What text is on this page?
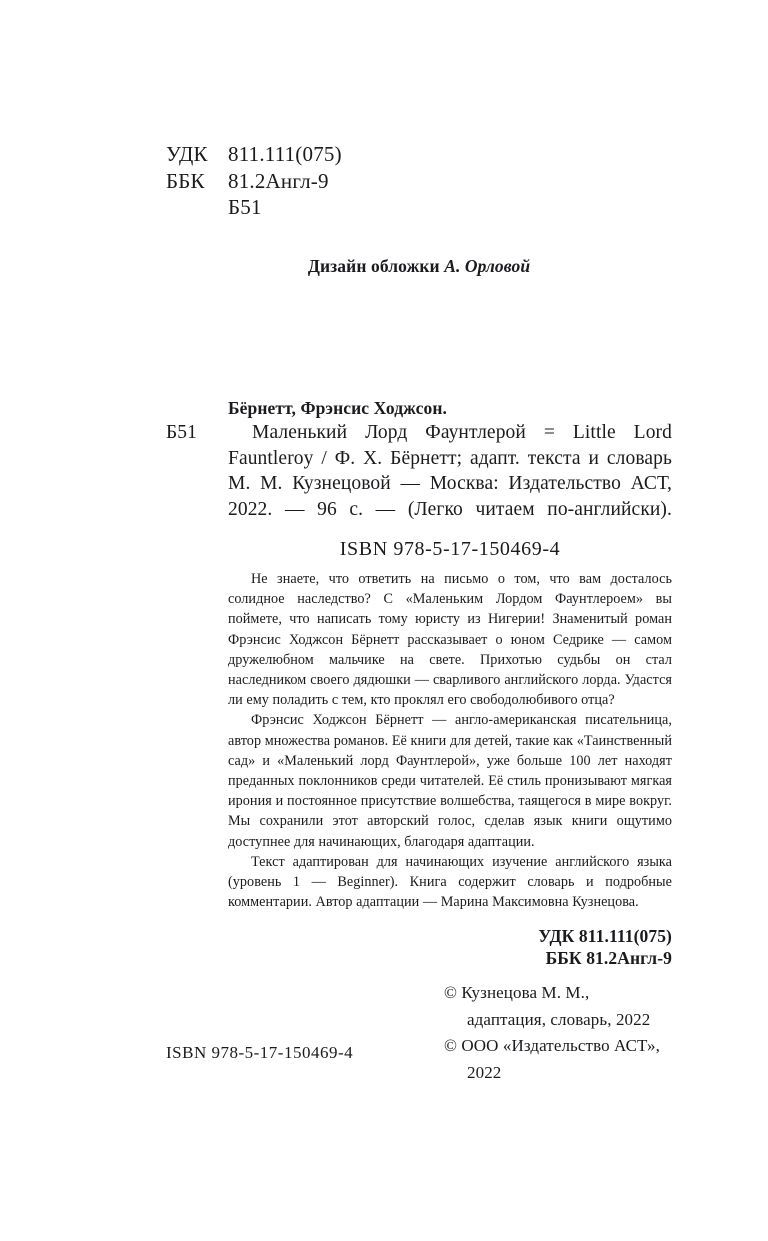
УДК 811.111(075)
ББК 81.2Англ-9
Б51
Дизайн обложки А. Орловой
Бёрнетт, Фрэнсис Ходжсон.
Б51	Маленький Лорд Фаунтлерой = Little Lord Fauntleroy / Ф. Х. Бёрнетт; адапт. текста и словарь М. М. Кузнецовой — Москва: Издательство АСТ, 2022. — 96 с. — (Легко читаем по-английски).
ISBN 978-5-17-150469-4

Не знаете, что ответить на письмо о том, что вам досталось солидное наследство? С «Маленьким Лордом Фаунтлероем» вы поймете, что написать тому юристу из Нигерии! Знаменитый роман Фрэнсис Ходжсон Бёрнетт рассказывает о юном Седрике — самом дружелюбном мальчике на свете. Прихотью судьбы он стал наследником своего дядюшки — сварливого английского лорда. Удастся ли ему поладить с тем, кто проклял его свободолюбивого отца?

Фрэнсис Ходжсон Бёрнетт — англо-американская писательница, автор множества романов. Её книги для детей, такие как «Таинственный сад» и «Маленький лорд Фаунтлерой», уже больше 100 лет находят преданных поклонников среди читателей. Её стиль пронизывают мягкая ирония и постоянное присутствие волшебства, таящегося в мире вокруг. Мы сохранили этот авторский голос, сделав язык книги ощутимо доступнее для начинающих, благодаря адаптации.

Текст адаптирован для начинающих изучение английского языка (уровень 1 — Beginner). Книга содержит словарь и подробные комментарии. Автор адаптации — Марина Максимовна Кузнецова.

УДК 811.111(075)
ББК 81.2Англ-9
© Кузнецова М. М.,
адаптация, словарь, 2022
© ООО «Издательство АСТ»,
2022
ISBN 978-5-17-150469-4
